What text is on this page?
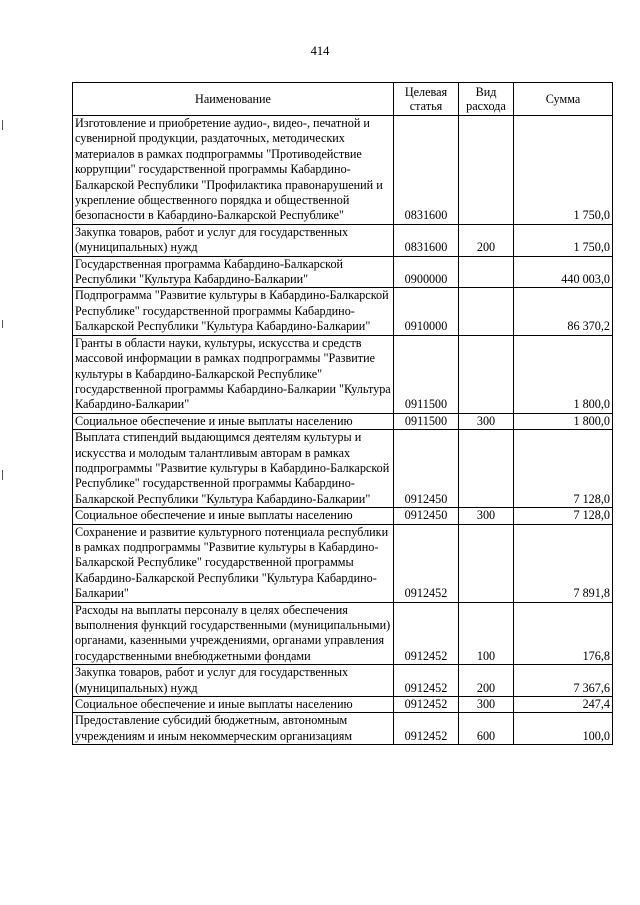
414
Наименование	Целевая статья	Вид расхода	Сумма
Изготовление и приобретение аудио-, видео-, печатной и сувенирной продукции, раздаточных, методических материалов в рамках подпрограммы "Противодействие коррупции" государственной программы Кабардино-Балкарской Республики "Профилактика правонарушений и укрепление общественного порядка и общественной безопасности в Кабардино-Балкарской Республике"	0831600		1 750,0
Закупка товаров, работ и услуг для государственных (муниципальных) нужд	0831600	200	1 750,0
Государственная программа Кабардино-Балкарской Республики "Культура Кабардино-Балкарии"	0900000		440 003,0
Подпрограмма "Развитие культуры в Кабардино-Балкарской Республике" государственной программы Кабардино-Балкарской Республики "Культура Кабардино-Балкарии"	0910000		86 370,2
Гранты в области науки, культуры, искусства и средств массовой информации в рамках подпрограммы "Развитие культуры в Кабардино-Балкарской Республике" государственной программы Кабардино-Балкарии "Культура Кабардино-Балкарии"	0911500		1 800,0
Социальное обеспечение и иные выплаты населению	0911500	300	1 800,0
Выплата стипендий выдающимся деятелям культуры и искусства и молодым талантливым авторам в рамках подпрограммы "Развитие культуры в Кабардино-Балкарской Республике" государственной программы Кабардино-Балкарской Республики "Культура Кабардино-Балкарии"	0912450		7 128,0
Социальное обеспечение и иные выплаты населению	0912450	300	7 128,0
Сохранение и развитие культурного потенциала республики в рамках подпрограммы "Развитие культуры в Кабардино-Балкарской Республике" государственной программы Кабардино-Балкарской Республики "Культура Кабардино-Балкарии"	0912452		7 891,8
Расходы на выплаты персоналу в целях обеспечения выполнения функций государственными (муниципальными) органами, казенными учреждениями, органами управления государственными внебюджетными фондами	0912452	100	176,8
Закупка товаров, работ и услуг для государственных (муниципальных) нужд	0912452	200	7 367,6
Социальное обеспечение и иные выплаты населению	0912452	300	247,4
Предоставление субсидий бюджетным, автономным учреждениям и иным некоммерческим организациям	0912452	600	100,0
